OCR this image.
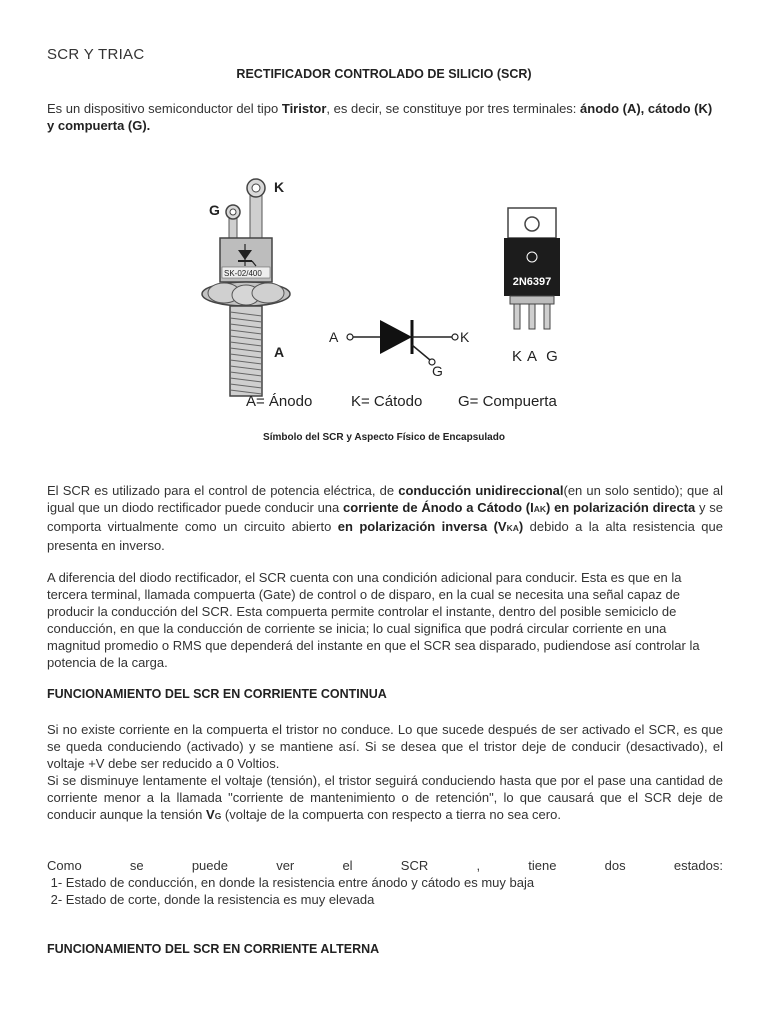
SCR Y TRIAC
RECTIFICADOR CONTROLADO DE SILICIO (SCR)
Es un dispositivo semiconductor del tipo Tiristor, es decir, se constituye por tres terminales: ánodo (A), cátodo (K) y compuerta (G).
K
G
SK-02/400
A
2N6397
K A G
A	K
G
A= Ánodo	K= Cátodo G= Compuerta
Símbolo del SCR y Aspecto Físico de Encapsulado
El SCR es utilizado para el control de potencia eléctrica, de conducción unidireccional(en un solo sentido); que al igual que un diodo rectificador puede conducir una corriente de Ánodo a Cátodo (IAK) en polarización directa y se comporta virtualmente como un circuito abierto en polarización inversa (VKA) debido a la alta resistencia que presenta en inverso.
A diferencia del diodo rectificador, el SCR cuenta con una condición adicional para conducir. Esta es que en la tercera terminal, llamada compuerta (Gate) de control o de disparo, en la cual se necesita una señal capaz de producir la conducción del SCR. Esta compuerta permite controlar el instante, dentro del posible semiciclo de conducción, en que la conducción de corriente se inicia; lo cual significa que podrá circular corriente en una magnitud promedio o RMS que dependerá del instante en que el SCR sea disparado, pudiendose así controlar la potencia de la carga.
FUNCIONAMIENTO DEL SCR EN CORRIENTE CONTINUA
Si no existe corriente en la compuerta el tristor no conduce. Lo que sucede después de ser activado el SCR, es que se queda conduciendo (activado) y se mantiene así. Si se desea que el tristor deje de conducir (desactivado), el voltaje +V debe ser reducido a 0 Voltios.
Si se disminuye lentamente el voltaje (tensión), el tristor seguirá conduciendo hasta que por el pase una cantidad de corriente menor a la llamada "corriente de mantenimiento o de retención", lo que causará que el SCR deje de conducir aunque la tensión VG (voltaje de la compuerta con respecto a tierra no sea cero.
Como	se	puede	ver	el	SCR	,	tiene	dos	estados:
1- Estado de conducción, en donde la resistencia entre ánodo y cátodo es muy baja
2- Estado de corte, donde la resistencia es muy elevada
FUNCIONAMIENTO DEL SCR EN CORRIENTE ALTERNA
